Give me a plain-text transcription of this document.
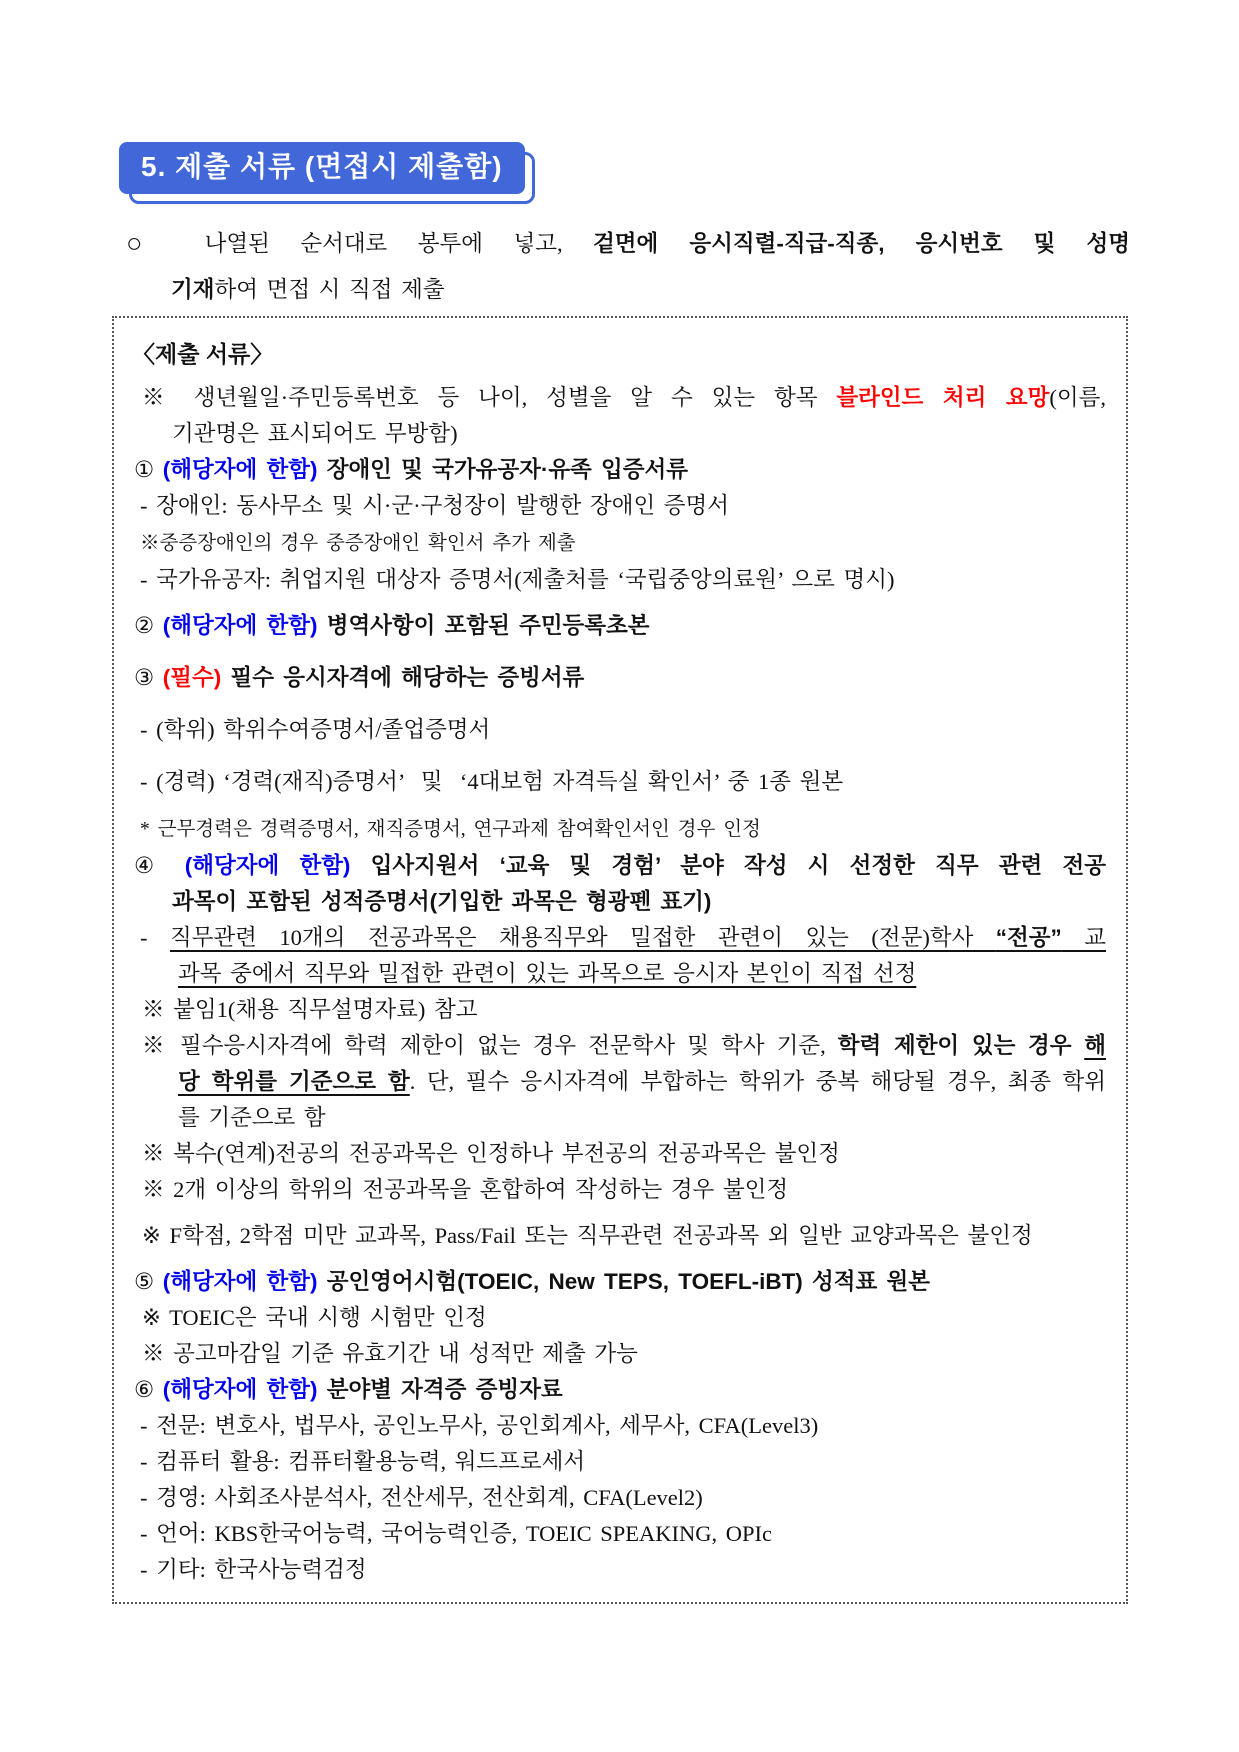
5. 제출 서류 (면접시 제출함)
○ 나열된 순서대로 봉투에 넣고, 겉면에 응시직렬-직급-직종, 응시번호 및 성명
기재하여 면접 시 직접 제출
〈제출 서류〉
※ 생년월일·주민등록번호 등 나이, 성별을 알 수 있는 항목 블라인드 처리 요망(이름,
기관명은 표시되어도 무방함)
① (해당자에 한함) 장애인 및 국가유공자·유족 입증서류
- 장애인: 동사무소 및 시·군·구청장이 발행한 장애인 증명서
※중증장애인의 경우 중증장애인 확인서 추가 제출
- 국가유공자: 취업지원 대상자 증명서(제출처를 ‘국립중앙의료원’ 으로 명시)
② (해당자에 한함) 병역사항이 포함된 주민등록초본
③ (필수) 필수 응시자격에 해당하는 증빙서류
- (학위) 학위수여증명서/졸업증명서
- (경력) ‘경력(재직)증명서’  및  ‘4대보험 자격득실 확인서’ 중 1종 원본
* 근무경력은 경력증명서, 재직증명서, 연구과제 참여확인서인 경우 인정
④ (해당자에 한함) 입사지원서 ‘교육 및 경험’ 분야 작성 시 선정한 직무 관련 전공
과목이 포함된 성적증명서(기입한 과목은 형광펜 표기)
- 직무관련 10개의 전공과목은 채용직무와 밀접한 관련이 있는 (전문)학사 “전공” 교
과목 중에서 직무와 밀접한 관련이 있는 과목으로 응시자 본인이 직접 선정
※ 붙임1(채용 직무설명자료) 참고
※ 필수응시자격에 학력 제한이 없는 경우 전문학사 및 학사 기준, 학력 제한이 있는 경우 해
당 학위를 기준으로 함. 단, 필수 응시자격에 부합하는 학위가 중복 해당될 경우, 최종 학위
를 기준으로 함
※ 복수(연계)전공의 전공과목은 인정하나 부전공의 전공과목은 불인정
※ 2개 이상의 학위의 전공과목을 혼합하여 작성하는 경우 불인정
※ F학점, 2학점 미만 교과목, Pass/Fail 또는 직무관련 전공과목 외 일반 교양과목은 불인정
⑤ (해당자에 한함) 공인영어시험(TOEIC, New TEPS, TOEFL-iBT) 성적표 원본
※ TOEIC은 국내 시행 시험만 인정
※ 공고마감일 기준 유효기간 내 성적만 제출 가능
⑥ (해당자에 한함) 분야별 자격증 증빙자료
- 전문: 변호사, 법무사, 공인노무사, 공인회계사, 세무사, CFA(Level3)
- 컴퓨터 활용: 컴퓨터활용능력, 워드프로세서
- 경영: 사회조사분석사, 전산세무, 전산회계, CFA(Level2)
- 언어: KBS한국어능력, 국어능력인증, TOEIC SPEAKING, OPIc
- 기타: 한국사능력검정
